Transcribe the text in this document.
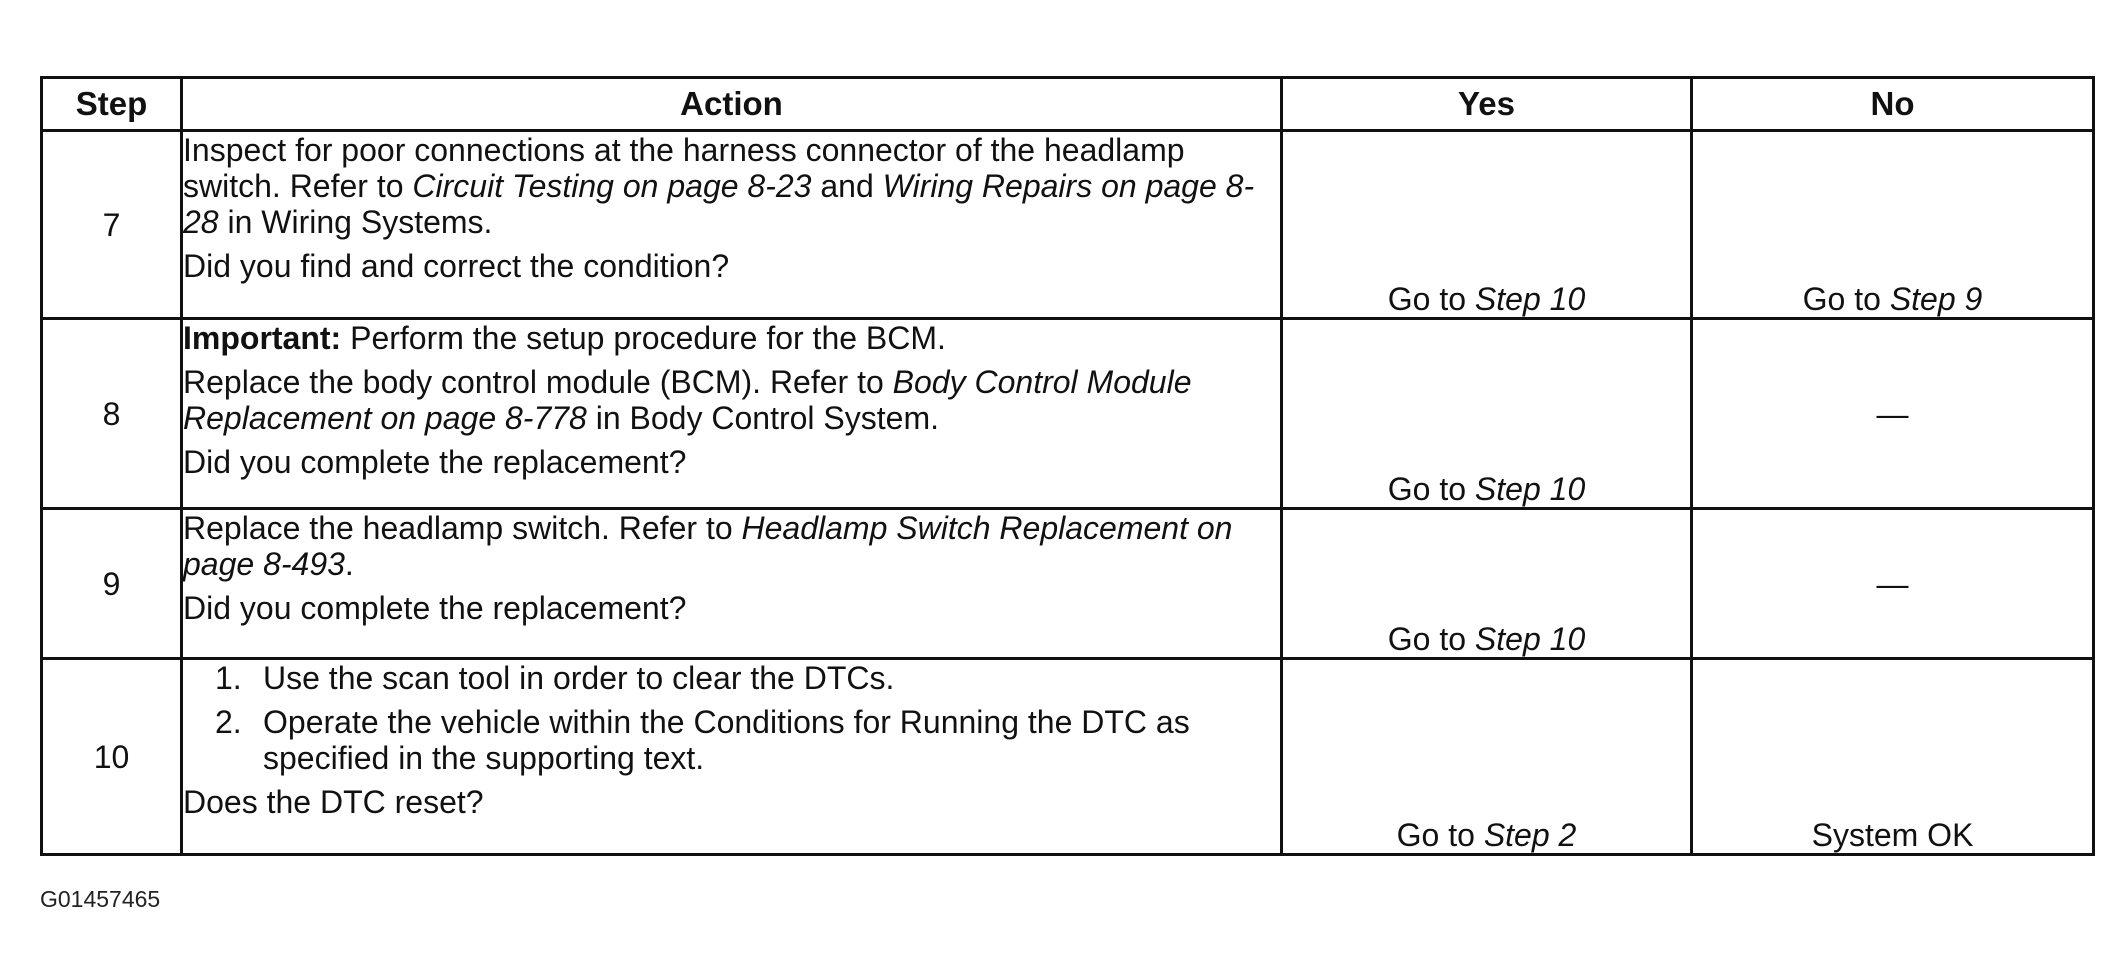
Step	Action	Yes	No
7	Inspect for poor connections at the harness connector of the headlamp switch. Refer to Circuit Testing on page 8-23 and Wiring Repairs on page 8-28 in Wiring Systems.
Did you find and correct the condition?	Go to Step 10	Go to Step 9
8	Important: Perform the setup procedure for the BCM.
Replace the body control module (BCM). Refer to Body Control Module Replacement on page 8-778 in Body Control System.
Did you complete the replacement?	Go to Step 10	—
9	Replace the headlamp switch. Refer to Headlamp Switch Replacement on page 8-493.
Did you complete the replacement?	Go to Step 10	—
10	1. Use the scan tool in order to clear the DTCs.
2. Operate the vehicle within the Conditions for Running the DTC as specified in the supporting text.
Does the DTC reset?	Go to Step 2	System OK
G01457465
